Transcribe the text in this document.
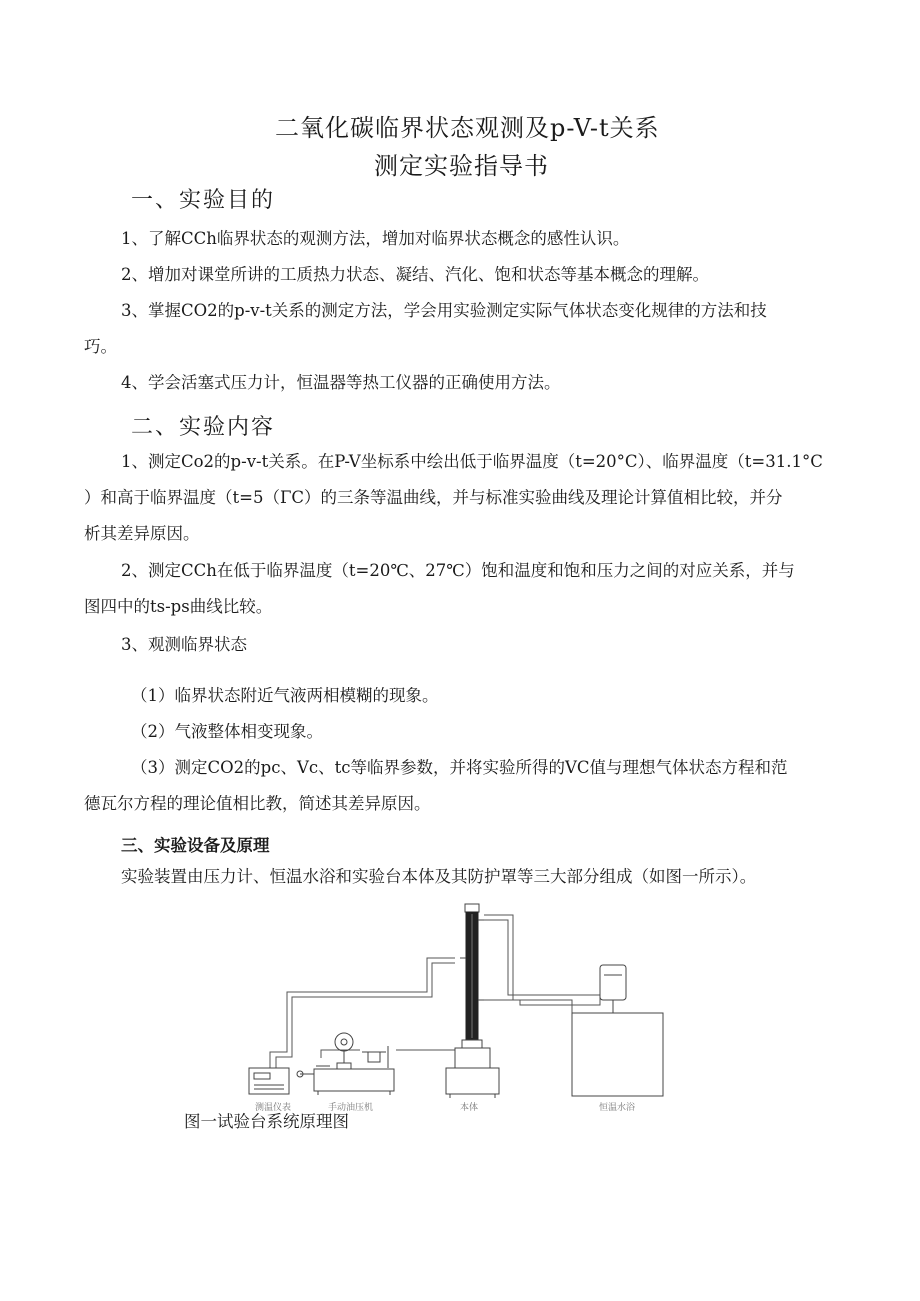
二氧化碳临界状态观测及p-V-t关系
测定实验指导书
一、实验目的
1、了解CCh临界状态的观测方法，增加对临界状态概念的感性认识。
2、增加对课堂所讲的工质热力状态、凝结、汽化、饱和状态等基本概念的理解。
3、掌握CO2的p-v-t关系的测定方法，学会用实验测定实际气体状态变化规律的方法和技
巧。
4、学会活塞式压力计，恒温器等热工仪器的正确使用方法。
二、实验内容
1、测定Co2的p-v-t关系。在P-V坐标系中绘出低于临界温度（t=20°C）、临界温度（t=31.1°C
）和高于临界温度（t=5（ΓC）的三条等温曲线，并与标准实验曲线及理论计算值相比较，并分
析其差异原因。
2、测定CCh在低于临界温度（t=20℃、27℃）饱和温度和饱和压力之间的对应关系，并与
图四中的ts-ps曲线比较。
3、观测临界状态
（1）临界状态附近气液两相模糊的现象。
（2）气液整体相变现象。
（3）测定CO2的pc、Vc、tc等临界参数，并将实验所得的VC值与理想气体状态方程和范
德瓦尔方程的理论值相比教，简述其差异原因。
三、实验设备及原理
实验装置由压力计、恒温水浴和实验台本体及其防护罩等三大部分组成（如图一所示）。
测温仪表	手动油压机	本体	恒温水浴
图一试验台系统原理图
